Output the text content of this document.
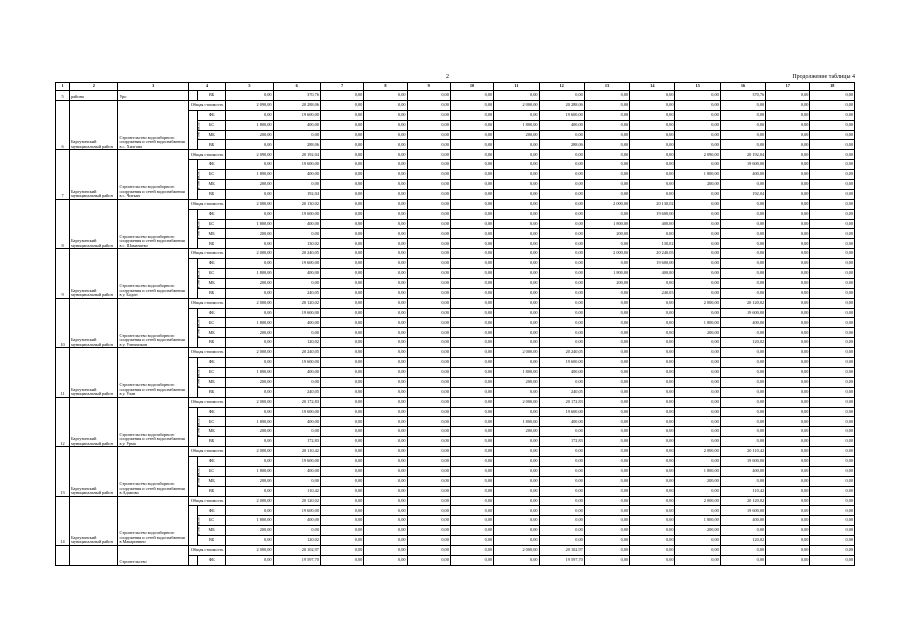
2	Продолжение таблицы 4
1	2	3	4		5	6	7	8	9	10	11	12	13	14	15	16	17	18
5	района	Уро		ВБ	0,00	370,76	0,00	0,00	0,00	0,00	0,00	0,00	0,00	0,00	0,00	370,76	0,00	0,00
6	Баргузинский муниципальный район	Строительство водозаборного сооружения и сетей водоснабжения в с. Хилгана	Общая стоимость		2 090,00	20 288,06	0,00	0,00	0,00	0,00	2 000,00	20 288,06	0,00	0,00	0,00	0,00	0,00	0,00
			в том числе:	ФБ	0,00	19 600,00	0,00	0,00	0,00	0,00	0,00	19 600,00	0,00	0,00	0,00	0,00	0,00	0,00
				БС	1 800,00	400,00	0,00	0,00	0,00	0,00	1 800,00	400,00	0,00	0,00	0,00	0,00	0,00	0,00
				МБ	200,00	0,00	0,00	0,00	0,00	0,00	200,00	0,00	0,00	0,00	0,00	0,00	0,00	0,00
				ВБ	0,00	288,06	0,00	0,00	0,00	0,00	0,00	288,06	0,00	0,00	0,00	0,00	0,00	0,00
7	Баргузинский муниципальный район	Строительство водозаборного сооружения и сетей водоснабжения в с. Читкан	Общая стоимость		2 090,00	20 192,04	0,00	0,00	0,00	0,00	0,00	0,00	0,00	0,00	2 090,00	20 192,04	0,00	0,00
			в том числе:	ФБ	0,00	19 600,00	0,00	0,00	0,00	0,00	0,00	0,00	0,00	0,00	0,00	19 600,00	0,00	0,00
				БС	1 800,00	400,00	0,00	0,00	0,00	0,00	0,00	0,00	0,00	0,00	1 800,00	400,00	0,00	0,00
				МБ	200,00	0,00	0,00	0,00	0,00	0,00	0,00	0,00	0,00	0,00	200,00	0,00	0,00	0,00
				ВБ	0,00	192,04	0,00	0,00	0,00	0,00	0,00	0,00	0,00	0,00	0,00	192,04	0,00	0,00
8	Баргузинский муниципальный район	Строительство водозаборного сооружения и сетей водоснабжения в с. Шаманаево	Общая стоимость		2 000,00	20 130,02	0,00	0,00	0,00	0,00	0,00	0,00	2 000,00	20 130,02	0,00	0,00	0,00	0,00
			в том числе:	ФБ	0,00	19 600,00	0,00	0,00	0,00	0,00	0,00	0,00	0,00	19 600,00	0,00	0,00	0,00	0,00
				БС	1 800,00	400,00	0,00	0,00	0,00	0,00	0,00	0,00	1 800,00	400,00	0,00	0,00	0,00	0,00
				МБ	200,00	0,00	0,00	0,00	0,00	0,00	0,00	0,00	200,00	0,00	0,00	0,00	0,00	0,00
				ВБ	0,00	130,02	0,00	0,00	0,00	0,00	0,00	0,00	0,00	130,02	0,00	0,00	0,00	0,00
9	Баргузинский муниципальный район	Строительство водозаборного сооружения и сетей водоснабжения в у. Бодон	Общая стоимость		2 000,00	20 240,05	0,00	0,00	0,00	0,00	0,00	0,00	2 000,00	20 240,05	0,00	0,00	0,00	0,00
			в том числе:	ФБ	0,00	19 600,00	0,00	0,00	0,00	0,00	0,00	0,00	0,00	19 600,00	0,00	0,00	0,00	0,00
				БС	1 800,00	400,00	0,00	0,00	0,00	0,00	0,00	0,00	1 800,00	400,00	0,00	0,00	0,00	0,00
				МБ	200,00	0,00	0,00	0,00	0,00	0,00	0,00	0,00	200,00	0,00	0,00	0,00	0,00	0,00
				ВБ	0,00	240,05	0,00	0,00	0,00	0,00	0,00	0,00	0,00	240,05	0,00	0,00	0,00	0,00
10	Баргузинский муниципальный район	Строительство водозаборного сооружения и сетей водоснабжения в у. Улюкчикан	Общая стоимость		2 000,00	20 120,02	0,00	0,00	0,00	0,00	0,00	0,00	0,00	0,00	2 000,00	20 120,02	0,00	0,00
			в том числе:	ФБ	0,00	19 600,00	0,00	0,00	0,00	0,00	0,00	0,00	0,00	0,00	0,00	19 600,00	0,00	0,00
				БС	1 800,00	400,00	0,00	0,00	0,00	0,00	0,00	0,00	0,00	0,00	1 800,00	400,00	0,00	0,00
				МБ	200,00	0,00	0,00	0,00	0,00	0,00	0,00	0,00	0,00	0,00	200,00	0,00	0,00	0,00
				ВБ	0,00	120,02	0,00	0,00	0,00	0,00	0,00	0,00	0,00	0,00	0,00	120,02	0,00	0,00
11	Баргузинский муниципальный район	Строительство водозаборного сооружения и сетей водоснабжения в у. Улан	Общая стоимость		2 000,00	20 240,05	0,00	0,00	0,00	0,00	2 000,00	20 240,05	0,00	0,00	0,00	0,00	0,00	0,00
			в том числе:	ФБ	0,00	19 600,00	0,00	0,00	0,00	0,00	0,00	19 600,00	0,00	0,00	0,00	0,00	0,00	0,00
				БС	1 800,00	400,00	0,00	0,00	0,00	0,00	1 800,00	400,00	0,00	0,00	0,00	0,00	0,00	0,00
				МБ	200,00	0,00	0,00	0,00	0,00	0,00	200,00	0,00	0,00	0,00	0,00	0,00	0,00	0,00
				ВБ	0,00	240,05	0,00	0,00	0,00	0,00	0,00	240,05	0,00	0,00	0,00	0,00	0,00	0,00
12	Баргузинский муниципальный район	Строительство водозаборного сооружения и сетей водоснабжения в у. Урма	Общая стоимость		2 000,00	20 172,83	0,00	0,00	0,00	0,00	2 000,00	20 172,83	0,00	0,00	0,00	0,00	0,00	0,00
			в том числе:	ФБ	0,00	19 600,00	0,00	0,00	0,00	0,00	0,00	19 600,00	0,00	0,00	0,00	0,00	0,00	0,00
				БС	1 800,00	400,00	0,00	0,00	0,00	0,00	1 800,00	400,00	0,00	0,00	0,00	0,00	0,00	0,00
				МБ	200,00	0,00	0,00	0,00	0,00	0,00	200,00	0,00	0,00	0,00	0,00	0,00	0,00	0,00
				ВБ	0,00	172,83	0,00	0,00	0,00	0,00	0,00	172,83	0,00	0,00	0,00	0,00	0,00	0,00
13	Баргузинский муниципальный район	Строительство водозаборного сооружения и сетей водоснабжения в Адамово	Общая стоимость		2 000,00	20 110,42	0,00	0,00	0,00	0,00	0,00	0,00	0,00	0,00	2 000,00	20 110,42	0,00	0,00
			в том числе:	ФБ	0,00	19 600,00	0,00	0,00	0,00	0,00	0,00	0,00	0,00	0,00	0,00	19 600,00	0,00	0,00
				БС	1 800,00	400,00	0,00	0,00	0,00	0,00	0,00	0,00	0,00	0,00	1 800,00	400,00	0,00	0,00
				МБ	200,00	0,00	0,00	0,00	0,00	0,00	0,00	0,00	0,00	0,00	200,00	0,00	0,00	0,00
				ВБ	0,00	110,42	0,00	0,00	0,00	0,00	0,00	0,00	0,00	0,00	0,00	110,42	0,00	0,00
14	Баргузинский муниципальный район	Строительство водозаборного сооружения и сетей водоснабжения в Макаринино	Общая стоимость		2 000,00	20 120,02	0,00	0,00	0,00	0,00	0,00	0,00	0,00	0,00	2 000,00	20 120,02	0,00	0,00
			в том числе:	ФБ	0,00	19 600,00	0,00	0,00	0,00	0,00	0,00	0,00	0,00	0,00	0,00	19 600,00	0,00	0,00
				БС	1 800,00	400,00	0,00	0,00	0,00	0,00	0,00	0,00	0,00	0,00	1 800,00	400,00	0,00	0,00
				МБ	200,00	0,00	0,00	0,00	0,00	0,00	0,00	0,00	0,00	0,00	200,00	0,00	0,00	0,00
				ВБ	0,00	120,02	0,00	0,00	0,00	0,00	0,00	0,00	0,00	0,00	0,00	120,02	0,00	0,00
		Строительство	Общая стоимость		2 000,00	20 102,97	0,00	0,00	0,00	0,00	2 000,00	20 102,97	0,00	0,00	0,00	0,00	0,00	0,00
				ФБ	0,00	19 597,70	0,00	0,00	0,00	0,00	0,00	19 597,70	0,00	0,00	0,00	0,00	0,00	0,00
